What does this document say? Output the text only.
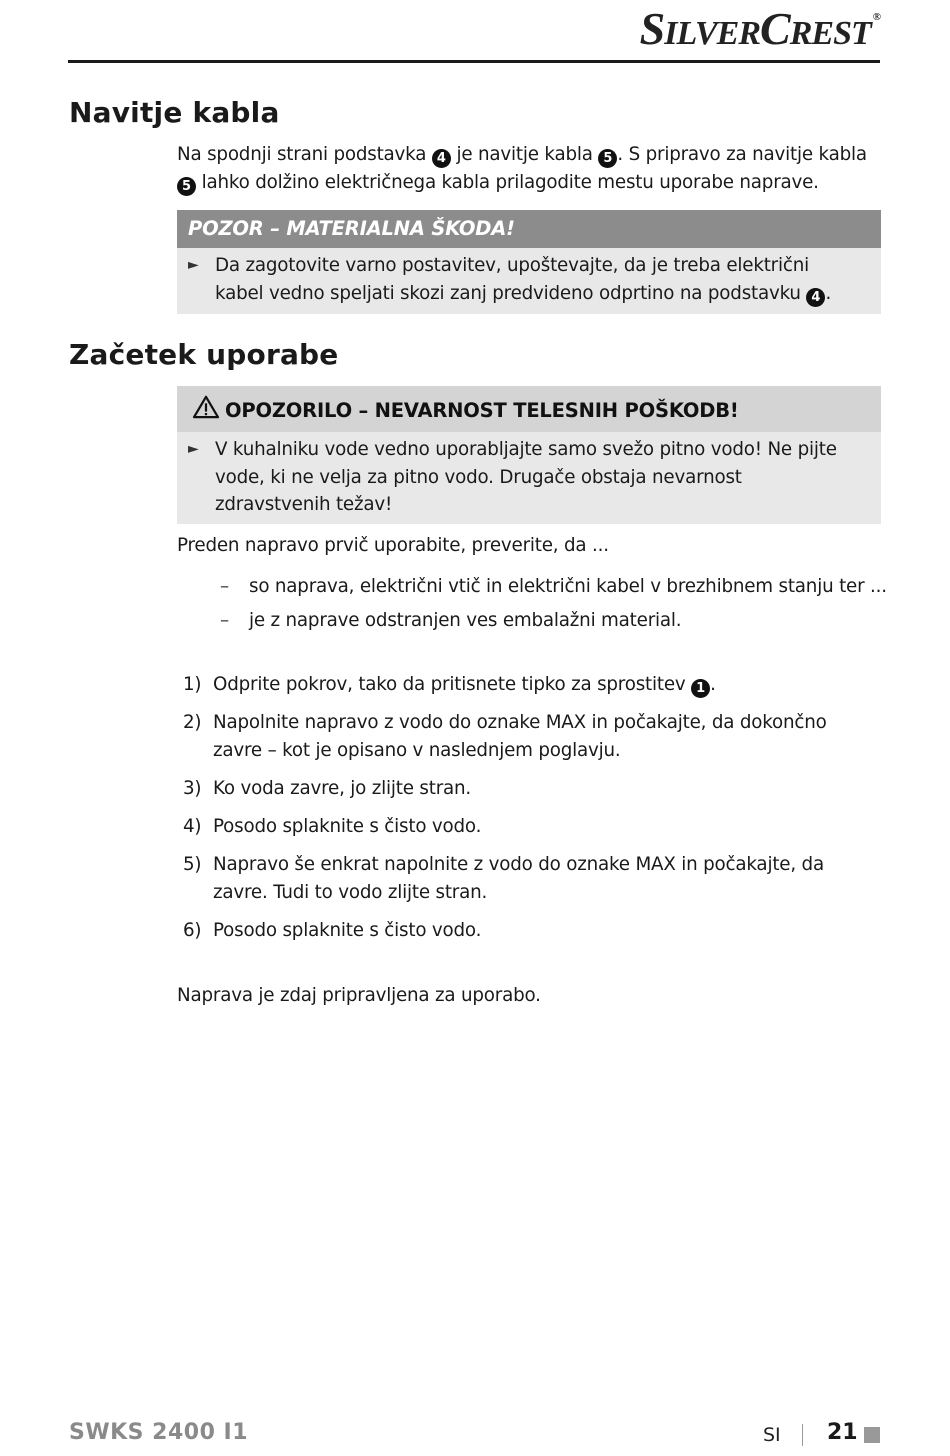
SILVERCREST ®
Navitje kabla

Na spodnji strani podstavka 4 je navitje kabla 5 . S pripravo za navitje kabla 5 lahko dolžino električnega kabla prilagodite mestu uporabe naprave.

POZOR – MATERIALNA ŠKODA!
► Da zagotovite varno postavitev, upoštevajte, da je treba električni kabel vedno speljati skozi zanj predvideno odprtino na podstavku 4 .
Začetek uporabe
OPOZORILO – NEVARNOST TELESNIH POŠKODB!
► V kuhalniku vode vedno uporabljajte samo svežo pitno vodo! Ne pijte vode, ki ne velja za pitno vodo. Drugače obstaja nevarnost zdravstvenih težav!

Preden napravo prvič uporabite, preverite, da ...

– so naprava, električni vtič in električni kabel v brezhibnem stanju ter ...
– je z naprave odstranjen ves embalažni material.
1) Odprite pokrov, tako da pritisnete tipko za sprostitev 1 .
2) Napolnite napravo z vodo do oznake MAX in počakajte, da dokončno zavre – kot je opisano v naslednjem poglavju.
3) Ko voda zavre, jo zlijte stran.
4) Posodo splaknite s čisto vodo.
5) Napravo še enkrat napolnite z vodo do oznake MAX in počakajte, da zavre. Tudi to vodo zlijte stran.
6) Posodo splaknite s čisto vodo.

Naprava je zdaj pripravljena za uporabo.

SWKS 2400 I1	SI 21
